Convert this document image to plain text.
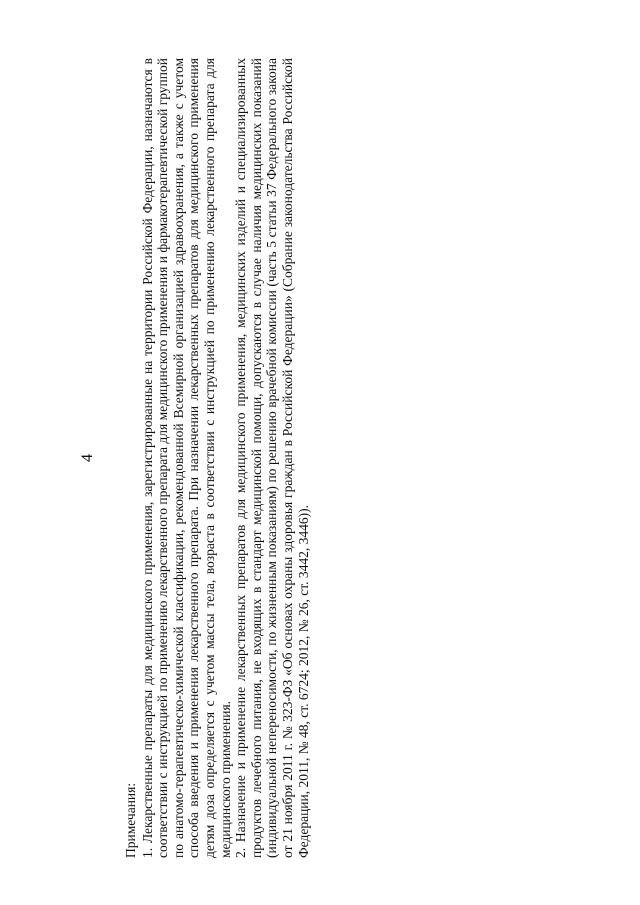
4

Примечания: 1. Лекарственные препараты для медицинского применения, зарегистрированные на территории Российской Федерации, назначаются в соответствии с инструкцией по применению лекарственного препарата для медицинского применения и фармакотерапевтической группой по анатомо-терапевтическо-химической классификации, рекомендованной Всемирной организацией здравоохранения, а также с учетом способа введения и применения лекарственного препарата. При назначении лекарственных препаратов для медицинского применения детям доза определяется с учетом массы тела, возраста в соответствии с инструкцией по применению лекарственного препарата для медицинского применения. 2. Назначение и применение лекарственных препаратов для медицинского применения, медицинских изделий и специализированных продуктов лечебного питания, не входящих в стандарт медицинской помощи, допускаются в случае наличия медицинских показаний (индивидуальной непереносимости, по жизненным показаниям) по решению врачебной комиссии (часть 5 статьи 37 Федерального закона от 21 ноября 2011 г. № 323-ФЗ «Об основах охраны здоровья граждан в Российской Федерации» (Собрание законодательства Российской Федерации, 2011, № 48, ст. 6724; 2012, № 26, ст. 3442, 3446)).
